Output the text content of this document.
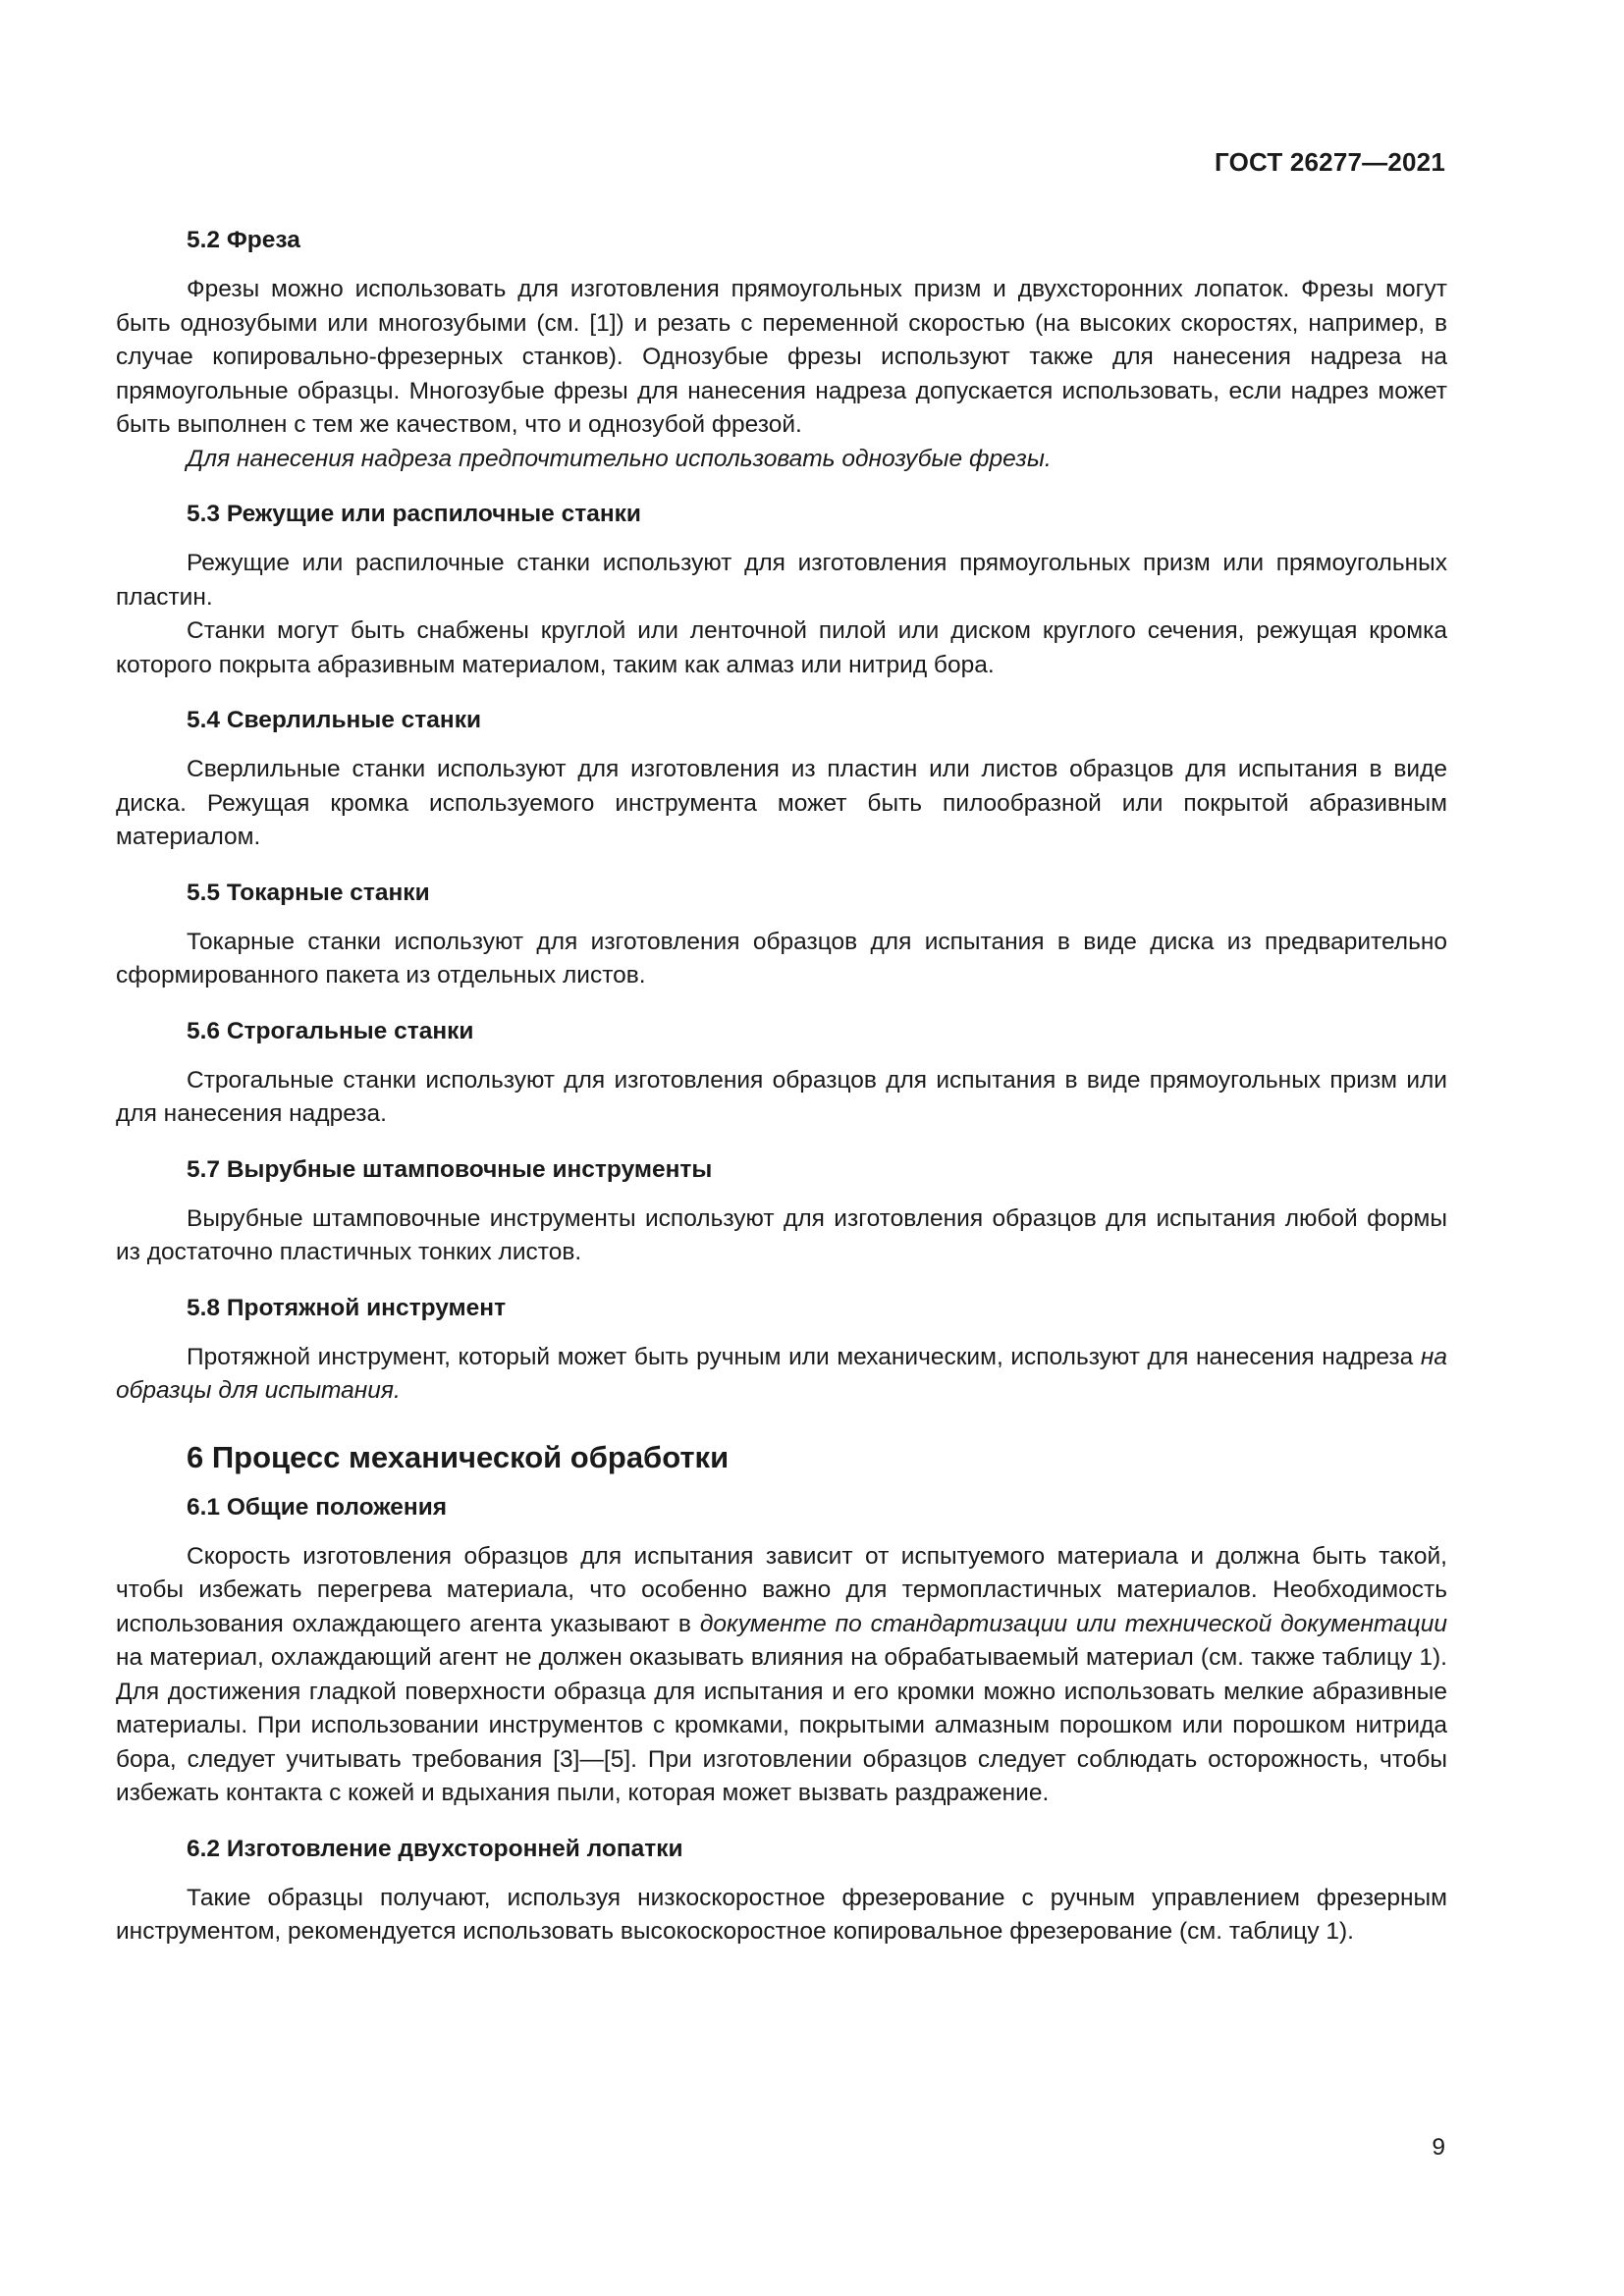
ГОСТ 26277—2021
5.2 Фреза

Фрезы можно использовать для изготовления прямоугольных призм и двухсторонних лопаток. Фрезы могут быть однозубыми или многозубыми (см. [1]) и резать с переменной скоростью (на высоких скоростях, например, в случае копировально-фрезерных станков). Однозубые фрезы используют также для нанесения надреза на прямоугольные образцы. Многозубые фрезы для нанесения надреза допускается использовать, если надрез может быть выполнен с тем же качеством, что и однозубой фрезой.

Для нанесения надреза предпочтительно использовать однозубые фрезы.

5.3 Режущие или распилочные станки

Режущие или распилочные станки используют для изготовления прямоугольных призм или прямоугольных пластин.

Станки могут быть снабжены круглой или ленточной пилой или диском круглого сечения, режущая кромка которого покрыта абразивным материалом, таким как алмаз или нитрид бора.

5.4 Сверлильные станки

Сверлильные станки используют для изготовления из пластин или листов образцов для испытания в виде диска. Режущая кромка используемого инструмента может быть пилообразной или покрытой абразивным материалом.

5.5 Токарные станки

Токарные станки используют для изготовления образцов для испытания в виде диска из предварительно сформированного пакета из отдельных листов.

5.6 Строгальные станки

Строгальные станки используют для изготовления образцов для испытания в виде прямоугольных призм или для нанесения надреза.

5.7 Вырубные штамповочные инструменты

Вырубные штамповочные инструменты используют для изготовления образцов для испытания любой формы из достаточно пластичных тонких листов.

5.8 Протяжной инструмент

Протяжной инструмент, который может быть ручным или механическим, используют для нанесения надреза на образцы для испытания.

6 Процесс механической обработки
6.1 Общие положения

Скорость изготовления образцов для испытания зависит от испытуемого материала и должна быть такой, чтобы избежать перегрева материала, что особенно важно для термопластичных материалов. Необходимость использования охлаждающего агента указывают в документе по стандартизации или технической документации на материал, охлаждающий агент не должен оказывать влияния на обрабатываемый материал (см. также таблицу 1). Для достижения гладкой поверхности образца для испытания и его кромки можно использовать мелкие абразивные материалы. При использовании инструментов с кромками, покрытыми алмазным порошком или порошком нитрида бора, следует учитывать требования [3]—[5]. При изготовлении образцов следует соблюдать осторожность, чтобы избежать контакта с кожей и вдыхания пыли, которая может вызвать раздражение.

6.2 Изготовление двухсторонней лопатки

Такие образцы получают, используя низкоскоростное фрезерование с ручным управлением фрезерным инструментом, рекомендуется использовать высокоскоростное копировальное фрезерование (см. таблицу 1).

9
